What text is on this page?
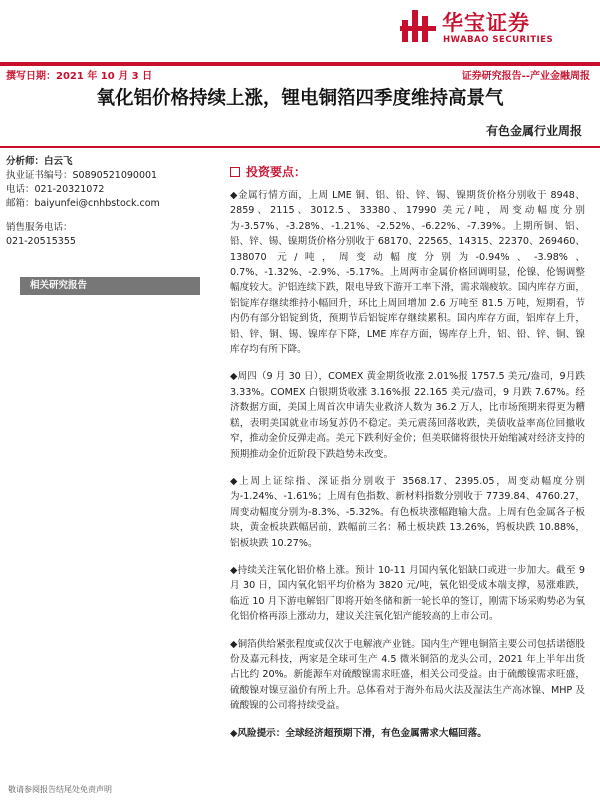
华宝证券
HWABAO SECURITIES
撰写日期：2021 年 10 月 3 日	证券研究报告--产业金融周报
氧化铝价格持续上涨，锂电铜箔四季度维持高景气
有色金属行业周报
分析师：白云飞
执业证书编号：S0890521090001
电话：021-20321072
邮箱：baiyunfei@cnhbstock.com
销售服务电话：
021-20515355
相关研究报告
投资要点：

◆金属行情方面，上周 LME 铜、铝、铅、锌、锡、镍期货价格分别收于 8948、2859、2115、3012.5、33380、17990 美元/吨，周变动幅度分别为-3.57%、-3.28%、-1.21%、-2.52%、-6.22%、-7.39%。上期所铜、铝、铅、锌、锡、镍期货价格分别收于 68170、22565、14315、22370、269460、138070 元/吨，周变动幅度分别为-0.94%、-3.98%、0.7%、-1.32%、-2.9%、-5.17%。上周两市金属价格回调明显，伦镍、伦锡调整幅度较大。沪铝连续下跌，限电导致下游开工率下滑，需求端疲软。国内库存方面，铝锭库存继续维持小幅回升，环比上周回增加 2.6 万吨至 81.5 万吨，短期看，节内仍有部分铝锭到货，预期节后铝锭库存继续累积。国内库存方面，铝库存上升，铅、锌、铜、锡、镍库存下降，LME 库存方面，锡库存上升，铝、铅、锌、铜、镍库存均有所下降。

◆周四（9 月 30 日），COMEX 黄金期货收涨 2.01%报 1757.5 美元/盎司，9月跌 3.33%。COMEX 白银期货收涨 3.16%报 22.165 美元/盎司，9 月跌 7.67%。经济数据方面，美国上周首次申请失业救济人数为 36.2 万人，比市场预期来得更为糟糕，表明美国就业市场复苏仍不稳定。美元震荡回落收跌，美债收益率高位回撤收窄，推动金价反弹走高。美元下跌利好金价；但美联储将很快开始缩减对经济支持的预期推动金价近阶段下跌趋势未改变。

◆上周上证综指、深证指分别收于 3568.17、2395.05，周变动幅度分别为-1.24%、-1.61%；上周有色指数、新材料指数分别收于 7739.84、4760.27，周变动幅度分别为-8.3%、-5.32%。有色板块涨幅跑输大盘。上周有色金属各子板块，黄金板块跌幅居前，跌幅前三名：稀土板块跌 13.26%，钨板块跌 10.88%，铝板块跌 10.27%。

◆持续关注氧化铝价格上涨。预计 10-11 月国内氧化铝缺口或进一步加大。截至 9 月 30 日，国内氧化铝平均价格为 3820 元/吨，氧化铝受成本端支撑，易涨难跌，临近 10 月下游电解铝厂即将开始冬储和新一轮长单的签订，刚需下场采购势必为氧化铝价格再添上涨动力，建议关注氧化铝产能较高的上市公司。

◆铜箔供给紧张程度或仅次于电解液产业链。国内生产锂电铜箔主要公司包括诺德股份及嘉元科技，两家是全球可生产 4.5 微米铜箔的龙头公司，2021 年上半年出货占比约 20%。新能源车对硫酸镍需求旺盛，相关公司受益。由于硫酸镍需求旺盛，硫酸镍对镍豆溢价有所上升。总体看对于海外布局火法及湿法生产高冰镍、MHP 及硫酸镍的公司将持续受益。

◆风险提示：全球经济超预期下滑，有色金属需求大幅回落。

敬请参阅报告结尾处免责声明
